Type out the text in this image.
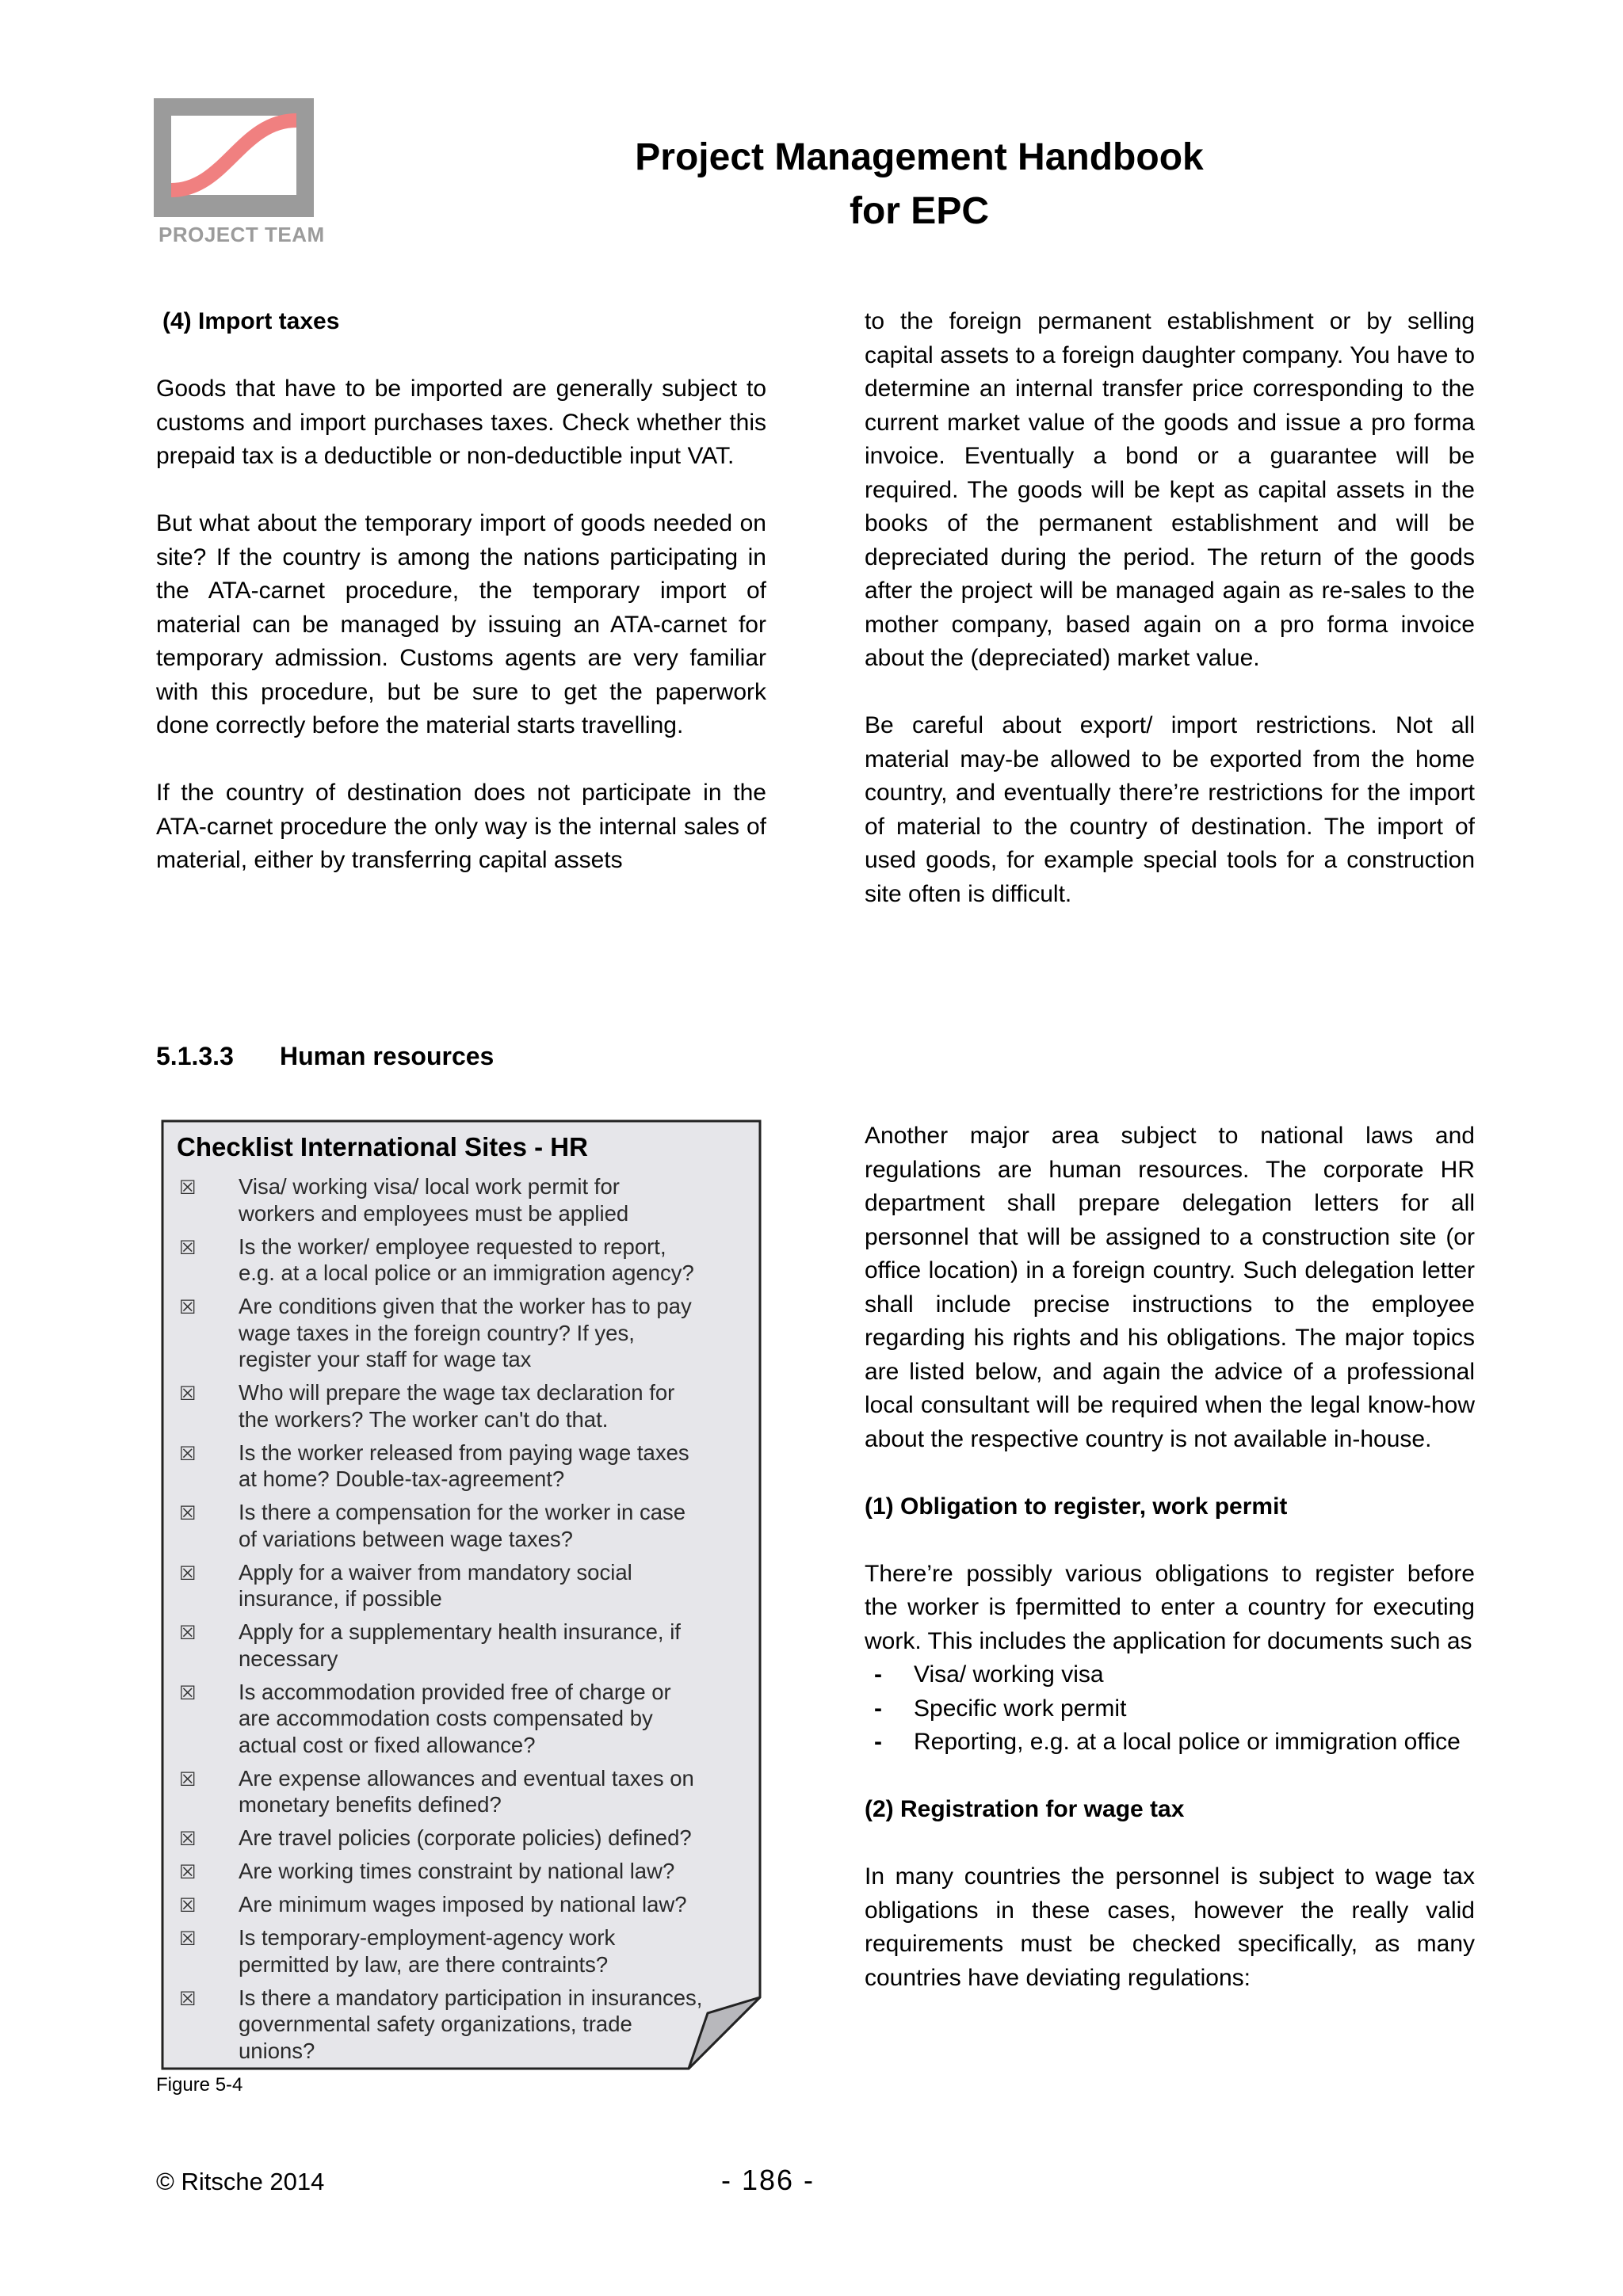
PROJECT TEAM
Project Management Handbook
for EPC

(4) Import taxes

Goods that have to be imported are generally subject to customs and import purchases taxes. Check whether this prepaid tax is a deductible or non-deductible input VAT.

But what about the temporary import of goods needed on site? If the country is among the nations participating in the ATA-carnet procedure, the temporary import of material can be managed by issuing an ATA-carnet for temporary admission. Customs agents are very familiar with this procedure, but be sure to get the paperwork done correctly before the material starts travelling.

If the country of destination does not participate in the ATA-carnet procedure the only way is the internal sales of material, either by transferring capital assets

to the foreign permanent establishment or by selling capital assets to a foreign daughter company. You have to determine an internal transfer price corresponding to the current market value of the goods and issue a pro forma invoice. Eventually a bond or a guarantee will be required. The goods will be kept as capital assets in the books of the permanent establishment and will be depreciated during the period. The return of the goods after the project will be managed again as re-sales to the mother company, based again on a pro forma invoice about the (depreciated) market value.

Be careful about export/ import restrictions. Not all material may-be allowed to be exported from the home country, and eventually there’re restrictions for the import of material to the country of destination. The import of used goods, for example special tools for a construction site often is difficult.

5.1.3.3 Human resources
Checklist International Sites - HR
☒ Visa/ working visa/ local work permit for
workers and employees must be applied
☒ Is the worker/ employee requested to report,
e.g. at a local police or an immigration agency?
☒ Are conditions given that the worker has to pay
wage taxes in the foreign country? If yes,
register your staff for wage tax
☒ Who will prepare the wage tax declaration for
the workers? The worker can't do that.
☒ Is the worker released from paying wage taxes
at home? Double-tax-agreement?
☒ Is there a compensation for the worker in case
of variations between wage taxes?
☒ Apply for a waiver from mandatory social
insurance, if possible
☒ Apply for a supplementary health insurance, if
necessary
☒ Is accommodation provided free of charge or
are accommodation costs compensated by
actual cost or fixed allowance?
☒ Are expense allowances and eventual taxes on
monetary benefits defined?
☒ Are travel policies (corporate policies) defined?
☒ Are working times constraint by national law?
☒ Are minimum wages imposed by national law?
☒ Is temporary-employment-agency work
permitted by law, are there contraints?
☒ Is there a mandatory participation in insurances,
governmental safety organizations, trade
unions?
Figure 5-4

Another major area subject to national laws and regulations are human resources. The corporate HR department shall prepare delegation letters for all personnel that will be assigned to a construction site (or office location) in a foreign country. Such delegation letter shall include precise instructions to the employee regarding his rights and his obligations. The major topics are listed below, and again the advice of a professional local consultant will be required when the legal know-how about the respective country is not available in-house.

(1) Obligation to register, work permit

There’re possibly various obligations to register before the worker is fpermitted to enter a country for executing work. This includes the application for documents such as

- Visa/ working visa
- Specific work permit
- Reporting, e.g. at a local police or immigration office

(2) Registration for wage tax

In many countries the personnel is subject to wage tax obligations in these cases, however the really valid requirements must be checked specifically, as many countries have deviating regulations:

© Ritsche 2014	- 186 -
